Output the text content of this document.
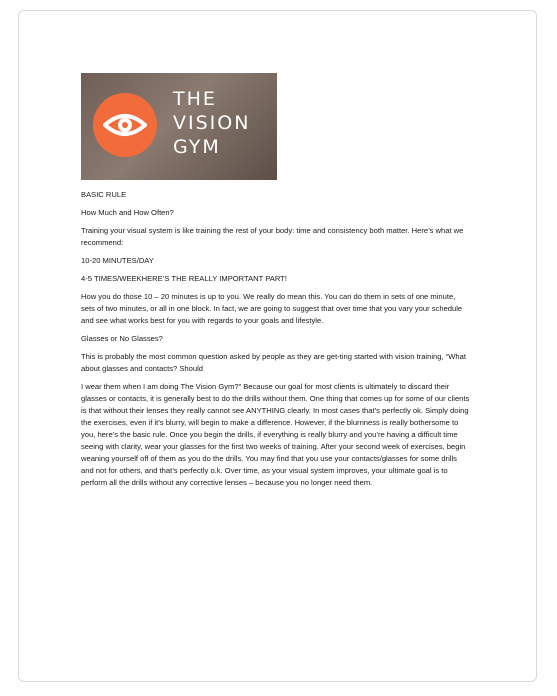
THE
VISION
GYM

BASIC RULE

How Much and How Often?

Training your visual system is like training the rest of your body: time and consistency both matter. Here’s what we recommend:

10-20 MINUTES/DAY

4-5 TIMES/WEEKHERE’S THE REALLY IMPORTANT PART!

How you do those 10 – 20 minutes is up to you. We really do mean this. You can do them in sets of one minute, sets of two minutes, or all in one block. In fact, we are going to suggest that over time that you vary your schedule and see what works best for you with regards to your goals and lifestyle.

Glasses or No Glasses?

This is probably the most common question asked by people as they are get-ting started with vision training, “What about glasses and contacts? Should

I wear them when I am doing The Vision Gym?” Because our goal for most clients is ultimately to discard their glasses or contacts, it is generally best to do the drills without them. One thing that comes up for some of our clients is that without their lenses they really cannot see ANYTHING clearly. In most cases that’s perfectly ok. Simply doing the exercises, even if it’s blurry, will begin to make a difference. However, if the blurriness is really bothersome to you, here’s the basic rule. Once you begin the drills, if everything is really blurry and you’re having a difficult time seeing with clarity, wear your glasses for the first two weeks of training. After your second week of exercises, begin weaning yourself off of them as you do the drills. You may find that you use your contacts/glasses for some drills and not for others, and that’s perfectly o.k. Over time, as your visual system improves, your ultimate goal is to perform all the drills without any corrective lenses – because you no longer need them.
